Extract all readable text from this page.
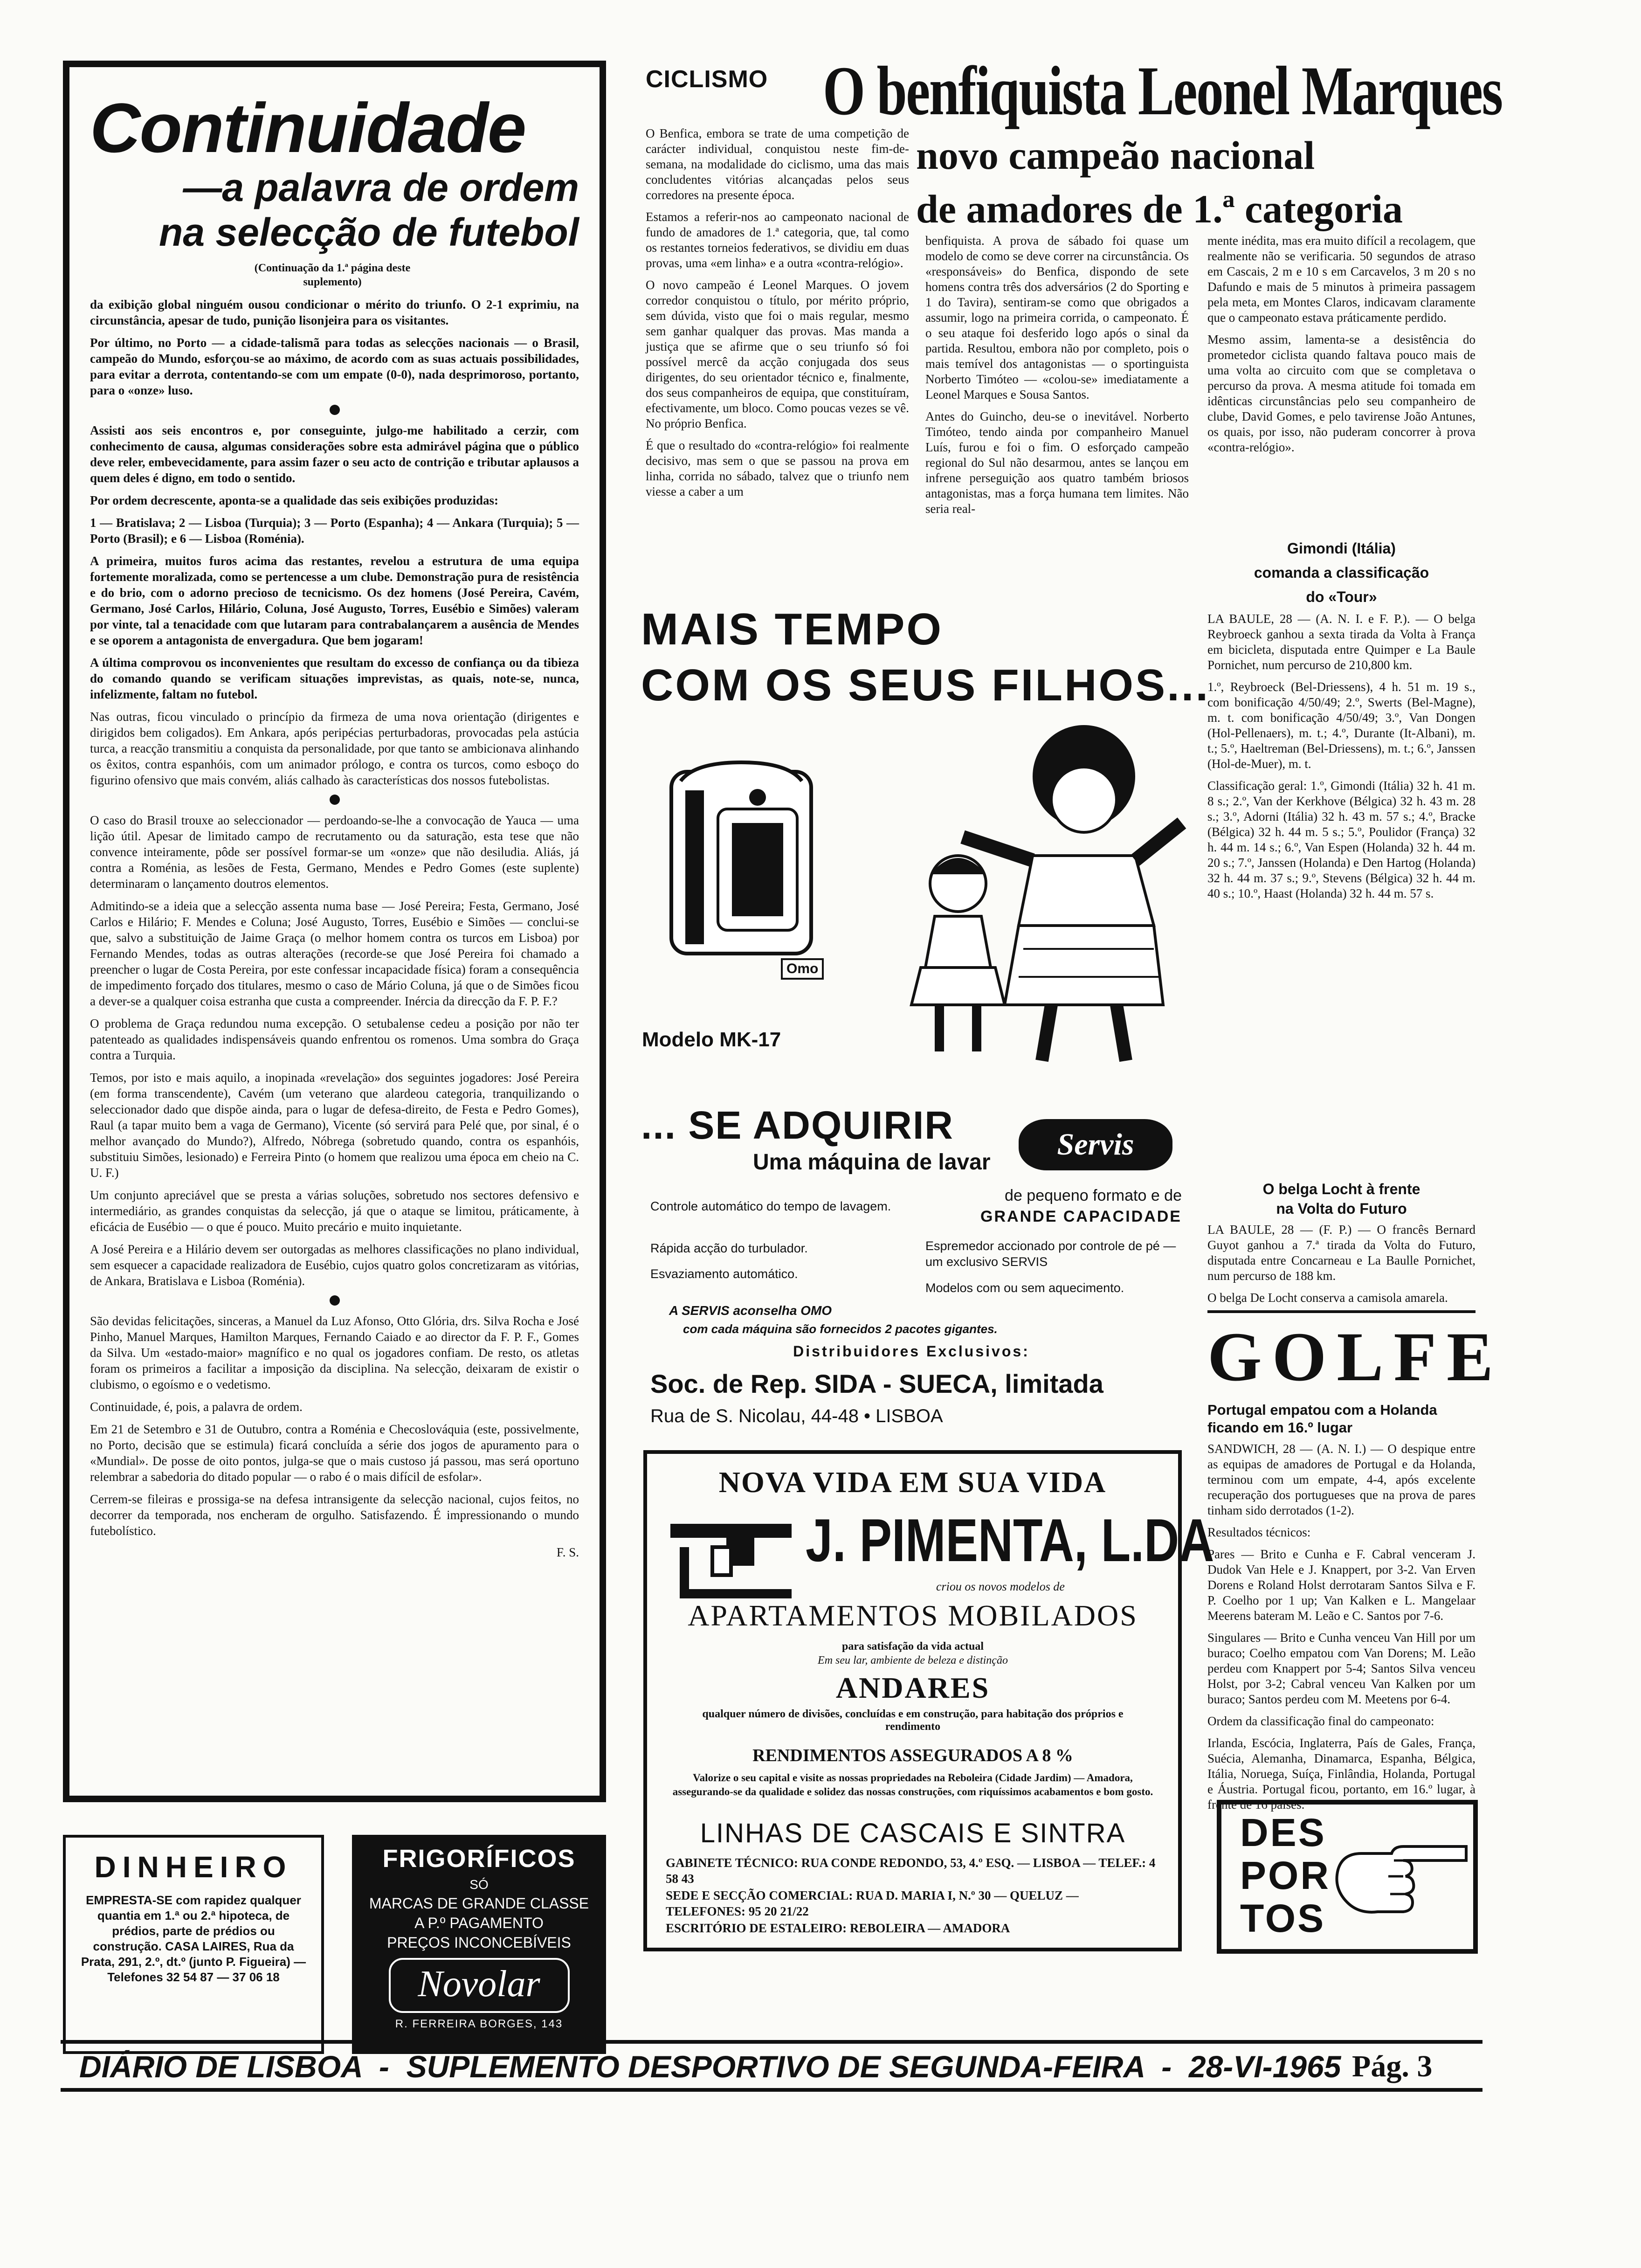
Continuidade
—a palavra de ordem
na selecção de futebol
(Continuação da 1.ª página deste suplemento)

da exibição global ninguém ousou condicionar o mérito do triunfo. O 2-1 exprimiu, na circunstância, apesar de tudo, punição lisonjeira para os visitantes.

Por último, no Porto — a cidade-talismã para todas as selecções nacionais — o Brasil, campeão do Mundo, esforçou-se ao máximo, de acordo com as suas actuais possibilidades, para evitar a derrota, contentando-se com um empate (0-0), nada desprimoroso, portanto, para o «onze» luso.

Assisti aos seis encontros e, por conseguinte, julgo-me habilitado a cerzir, com conhecimento de causa, algumas considerações sobre esta admirável página que o público deve reler, embevecidamente, para assim fazer o seu acto de contrição e tributar aplausos a quem deles é digno, em todo o sentido.

Por ordem decrescente, aponta-se a qualidade das seis exibições produzidas:

1 — Bratislava; 2 — Lisboa (Turquia); 3 — Porto (Espanha); 4 — Ankara (Turquia); 5 — Porto (Brasil); e 6 — Lisboa (Roménia).

A primeira, muitos furos acima das restantes, revelou a estrutura de uma equipa fortemente moralizada, como se pertencesse a um clube. Demonstração pura de resistência e do brio, com o adorno precioso de tecnicismo. Os dez homens (José Pereira, Cavém, Germano, José Carlos, Hilário, Coluna, José Augusto, Torres, Eusébio e Simões) valeram por vinte, tal a tenacidade com que lutaram para contrabalançarem a ausência de Mendes e se oporem a antagonista de envergadura. Que bem jogaram!

A última comprovou os inconvenientes que resultam do excesso de confiança ou da tibieza do comando quando se verificam situações imprevistas, as quais, note-se, nunca, infelizmente, faltam no futebol.

Nas outras, ficou vinculado o princípio da firmeza de uma nova orientação (dirigentes e dirigidos bem coligados). Em Ankara, após peripécias perturbadoras, provocadas pela astúcia turca, a reacção transmitiu a conquista da personalidade, por que tanto se ambicionava alinhando os êxitos, contra espanhóis, com um animador prólogo, e contra os turcos, como esboço do figurino ofensivo que mais convém, aliás calhado às características dos nossos futebolistas.

O caso do Brasil trouxe ao seleccionador — perdoando-se-lhe a convocação de Yauca — uma lição útil. Apesar de limitado campo de recrutamento ou da saturação, esta tese que não convence inteiramente, pôde ser possível formar-se um «onze» que não desiludia. Aliás, já contra a Roménia, as lesões de Festa, Germano, Mendes e Pedro Gomes (este suplente) determinaram o lançamento doutros elementos.

Admitindo-se a ideia que a selecção assenta numa base — José Pereira; Festa, Germano, José Carlos e Hilário; F. Mendes e Coluna; José Augusto, Torres, Eusébio e Simões — conclui-se que, salvo a substituição de Jaime Graça (o melhor homem contra os turcos em Lisboa) por Fernando Mendes, todas as outras alterações (recorde-se que José Pereira foi chamado a preencher o lugar de Costa Pereira, por este confessar incapacidade física) foram a consequência de impedimento forçado dos titulares, mesmo o caso de Mário Coluna, já que o de Simões ficou a dever-se a qualquer coisa estranha que custa a compreender. Inércia da direcção da F. P. F.?

O problema de Graça redundou numa excepção. O setubalense cedeu a posição por não ter patenteado as qualidades indispensáveis quando enfrentou os romenos. Uma sombra do Graça contra a Turquia.

Temos, por isto e mais aquilo, a inopinada «revelação» dos seguintes jogadores: José Pereira (em forma transcendente), Cavém (um veterano que alardeou categoria, tranquilizando o seleccionador dado que dispõe ainda, para o lugar de defesa-direito, de Festa e Pedro Gomes), Raul (a tapar muito bem a vaga de Germano), Vicente (só servirá para Pelé que, por sinal, é o melhor avançado do Mundo?), Alfredo, Nóbrega (sobretudo quando, contra os espanhóis, substituiu Simões, lesionado) e Ferreira Pinto (o homem que realizou uma época em cheio na C. U. F.)

Um conjunto apreciável que se presta a várias soluções, sobretudo nos sectores defensivo e intermediário, as grandes conquistas da selecção, já que o ataque se limitou, práticamente, à eficácia de Eusébio — o que é pouco. Muito precário e muito inquietante.

A José Pereira e a Hilário devem ser outorgadas as melhores classificações no plano individual, sem esquecer a capacidade realizadora de Eusébio, cujos quatro golos concretizaram as vitórias, de Ankara, Bratislava e Lisboa (Roménia).

São devidas felicitações, sinceras, a Manuel da Luz Afonso, Otto Glória, drs. Silva Rocha e José Pinho, Manuel Marques, Hamilton Marques, Fernando Caiado e ao director da F. P. F., Gomes da Silva. Um «estado-maior» magnífico e no qual os jogadores confiam. De resto, os atletas foram os primeiros a facilitar a imposição da disciplina. Na selecção, deixaram de existir o clubismo, o egoísmo e o vedetismo.

Continuidade, é, pois, a palavra de ordem.

Em 21 de Setembro e 31 de Outubro, contra a Roménia e Checoslováquia (este, possivelmente, no Porto, decisão que se estimula) ficará concluída a série dos jogos de apuramento para o «Mundial». De posse de oito pontos, julga-se que o mais custoso já passou, mas será oportuno relembrar a sabedoria do ditado popular — o rabo é o mais difícil de esfolar».

Cerrem-se fileiras e prossiga-se na defesa intransigente da selecção nacional, cujos feitos, no decorrer da temporada, nos encheram de orgulho. Satisfazendo. É impressionando o mundo futebolístico.

F. S.
DINHEIRO
EMPRESTA-SE com rapidez qualquer quantia em 1.ª ou 2.ª hipoteca, de prédios, parte de prédios ou construção. CASA LAIRES, Rua da Prata, 291, 2.º, dt.º (junto P. Figueira) — Telefones 32 54 87 — 37 06 18
FRIGORÍFICOS
SÓ
MARCAS DE GRANDE CLASSE
A P.º PAGAMENTO
PREÇOS INCONCEBÍVEIS
Novolar
R. FERREIRA BORGES, 143
CICLISMO O benfiquista Leonel Marques
novo campeão nacional
de amadores de 1.ª categoria

O Benfica, embora se trate de uma competição de carácter individual, conquistou neste fim-de-semana, na modalidade do ciclismo, uma das mais concludentes vitórias alcançadas pelos seus corredores na presente época.

Estamos a referir-nos ao campeonato nacional de fundo de amadores de 1.ª categoria, que, tal como os restantes torneios federativos, se dividiu em duas provas, uma «em linha» e a outra «contra-relógio».

O novo campeão é Leonel Marques. O jovem corredor conquistou o título, por mérito próprio, sem dúvida, visto que foi o mais regular, mesmo sem ganhar qualquer das provas. Mas manda a justiça que se afirme que o seu triunfo só foi possível mercê da acção conjugada dos seus dirigentes, do seu orientador técnico e, finalmente, dos seus companheiros de equipa, que constituíram, efectivamente, um bloco. Como poucas vezes se vê. No próprio Benfica.

É que o resultado do «contra-relógio» foi realmente decisivo, mas sem o que se passou na prova em linha, corrida no sábado, talvez que o triunfo nem viesse a caber a um

benfiquista. A prova de sábado foi quase um modelo de como se deve correr na circunstância. Os «responsáveis» do Benfica, dispondo de sete homens contra três dos adversários (2 do Sporting e 1 do Tavira), sentiram-se como que obrigados a assumir, logo na primeira corrida, o campeonato. É o seu ataque foi desferido logo após o sinal da partida. Resultou, embora não por completo, pois o mais temível dos antagonistas — o sportinguista Norberto Timóteo — «colou-se» imediatamente a Leonel Marques e Sousa Santos.

Antes do Guincho, deu-se o inevitável. Norberto Timóteo, tendo ainda por companheiro Manuel Luís, furou e foi o fim. O esforçado campeão regional do Sul não desarmou, antes se lançou em infrene perseguição aos quatro também briosos antagonistas, mas a força humana tem limites. Não seria real-

mente inédita, mas era muito difícil a recolagem, que realmente não se verificaria. 50 segundos de atraso em Cascais, 2 m e 10 s em Carcavelos, 3 m 20 s no Dafundo e mais de 5 minutos à primeira passagem pela meta, em Montes Claros, indicavam claramente que o campeonato estava práticamente perdido.

Mesmo assim, lamenta-se a desistência do prometedor ciclista quando faltava pouco mais de uma volta ao circuito com que se completava o percurso da prova. A mesma atitude foi tomada em idênticas circunstâncias pelo seu companheiro de clube, David Gomes, e pelo tavirense João Antunes, os quais, por isso, não puderam concorrer à prova «contra-relógio».

Gimondi (Itália)
comanda a classificação
do «Tour»

LA BAULE, 28 — (A. N. I. e F. P.). — O belga Reybroeck ganhou a sexta tirada da Volta à França em bicicleta, disputada entre Quimper e La Baule Pornichet, num percurso de 210,800 km.

1.º, Reybroeck (Bel-Driessens), 4 h. 51 m. 19 s., com bonificação 4/50/49; 2.º, Swerts (Bel-Magne), m. t. com bonificação 4/50/49; 3.º, Van Dongen (Hol-Pellenaers), m. t.; 4.º, Durante (It-Albani), m. t.; 5.º, Haeltreman (Bel-Driessens), m. t.; 6.º, Janssen (Hol-de-Muer), m. t.

Classificação geral: 1.º, Gimondi (Itália) 32 h. 41 m. 8 s.; 2.º, Van der Kerkhove (Bélgica) 32 h. 43 m. 28 s.; 3.º, Adorni (Itália) 32 h. 43 m. 57 s.; 4.º, Bracke (Bélgica) 32 h. 44 m. 5 s.; 5.º, Poulidor (França) 32 h. 44 m. 14 s.; 6.º, Van Espen (Holanda) 32 h. 44 m. 20 s.; 7.º, Janssen (Holanda) e Den Hartog (Holanda) 32 h. 44 m. 37 s.; 9.º, Stevens (Bélgica) 32 h. 44 m. 40 s.; 10.º, Haast (Holanda) 32 h. 44 m. 57 s.

O belga Locht à frente
na Volta do Futuro

LA BAULE, 28 — (F. P.) — O francês Bernard Guyot ganhou a 7.ª tirada da Volta do Futuro, disputada entre Concarneau e La Baulle Pornichet, num percurso de 188 km.

O belga De Locht conserva a camisola amarela.

GOLFE
Portugal empatou com a Holanda ficando em 16.º lugar

SANDWICH, 28 — (A. N. I.) — O despique entre as equipas de amadores de Portugal e da Holanda, terminou com um empate, 4-4, após excelente recuperação dos portugueses que na prova de pares tinham sido derrotados (1-2).

Resultados técnicos:

Pares — Brito e Cunha e F. Cabral venceram J. Dudok Van Hele e J. Knappert, por 3-2. Van Erven Dorens e Roland Holst derrotaram Santos Silva e F. P. Coelho por 1 up; Van Kalken e L. Mangelaar Meerens bateram M. Leão e C. Santos por 7-6.

Singulares — Brito e Cunha venceu Van Hill por um buraco; Coelho empatou com Van Dorens; M. Leão perdeu com Knappert por 5-4; Santos Silva venceu Holst, por 3-2; Cabral venceu Van Kalken por um buraco; Santos perdeu com M. Meetens por 6-4.

Ordem da classificação final do campeonato:

Irlanda, Escócia, Inglaterra, País de Gales, França, Suécia, Alemanha, Dinamarca, Espanha, Bélgica, Itália, Noruega, Suíça, Finlândia, Holanda, Portugal e Áustria. Portugal ficou, portanto, em 16.º lugar, à frente de 16 países.

DES
POR
TOS
MAIS TEMPO
COM OS SEUS FILHOS...
Omo
Modelo MK-17
... SE ADQUIRIR
Uma máquina de lavar
Servis
de pequeno formato e de
GRANDE CAPACIDADE
Controle automático do tempo de lavagem.
Rápida acção do turbulador.
Esvaziamento automático.
Espremedor accionado por controle de pé — um exclusivo SERVIS
Modelos com ou sem aquecimento.
A SERVIS aconselha OMO
com cada máquina são fornecidos 2 pacotes gigantes.
Distribuidores Exclusivos:
Soc. de Rep. SIDA - SUECA, limitada
Rua de S. Nicolau, 44-48 • LISBOA
NOVA VIDA EM SUA VIDA
J. PIMENTA, L.DA
criou os novos modelos de
APARTAMENTOS MOBILADOS
para satisfação da vida actual
Em seu lar, ambiente de beleza e distinção
ANDARES
qualquer número de divisões, concluídas e em construção, para habitação dos próprios e rendimento
RENDIMENTOS ASSEGURADOS A 8 %
Valorize o seu capital e visite as nossas propriedades na Reboleira (Cidade Jardim) — Amadora, assegurando-se da qualidade e solidez das nossas construções, com riquíssimos acabamentos e bom gosto.
LINHAS DE CASCAIS E SINTRA
GABINETE TÉCNICO: RUA CONDE REDONDO, 53, 4.º ESQ. — LISBOA — TELEF.: 4 58 43
SEDE E SECÇÃO COMERCIAL: RUA D. MARIA I, N.º 30 — QUELUZ — TELEFONES: 95 20 21/22
ESCRITÓRIO DE ESTALEIRO: REBOLEIRA — AMADORA
DIÁRIO DE LISBOA  -  SUPLEMENTO DESPORTIVO DE SEGUNDA-FEIRA  -  28-VI-1965 Pág. 3
